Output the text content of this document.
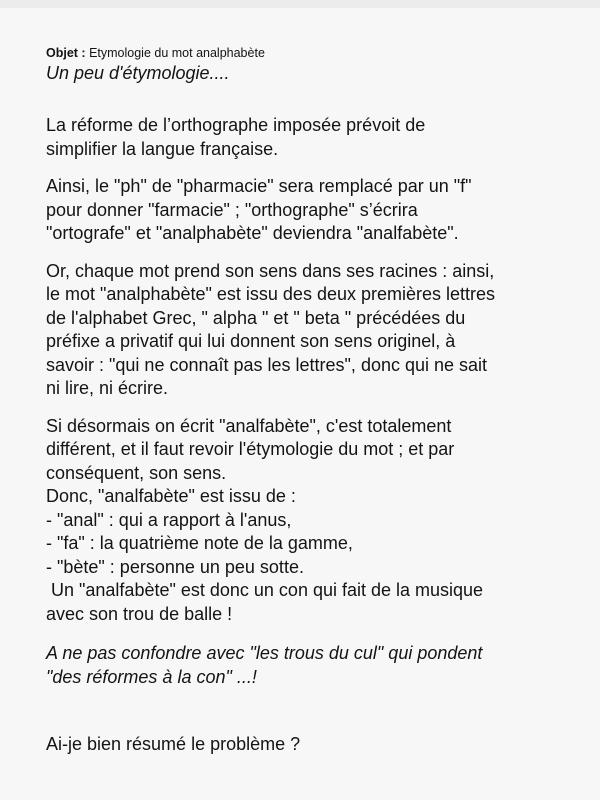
Objet : Etymologie du mot analphabète

Un peu d'étymologie....

La réforme de l’orthographe imposée prévoit de
simplifier la langue française.

Ainsi, le "ph" de "pharmacie" sera remplacé par un "f"
pour donner "farmacie" ; "orthographe" s’écrira
"ortografe" et "analphabète" deviendra "analfabète".

Or, chaque mot prend son sens dans ses racines : ainsi,
le mot "analphabète" est issu des deux premières lettres
de l'alphabet Grec, " alpha " et " beta " précédées du
préfixe a privatif qui lui donnent son sens originel, à
savoir : "qui ne connaît pas les lettres", donc qui ne sait
ni lire, ni écrire.

Si désormais on écrit "analfabète", c'est totalement
différent, et il faut revoir l'étymologie du mot ; et par
conséquent, son sens.
Donc, "analfabète" est issu de :
- "anal" : qui a rapport à l'anus,
- "fa" : la quatrième note de la gamme,
- "bète" : personne un peu sotte.
Un "analfabète" est donc un con qui fait de la musique
avec son trou de balle !

A ne pas confondre avec "les trous du cul" qui pondent
"des réformes à la con" ...!

Ai-je bien résumé le problème ?
